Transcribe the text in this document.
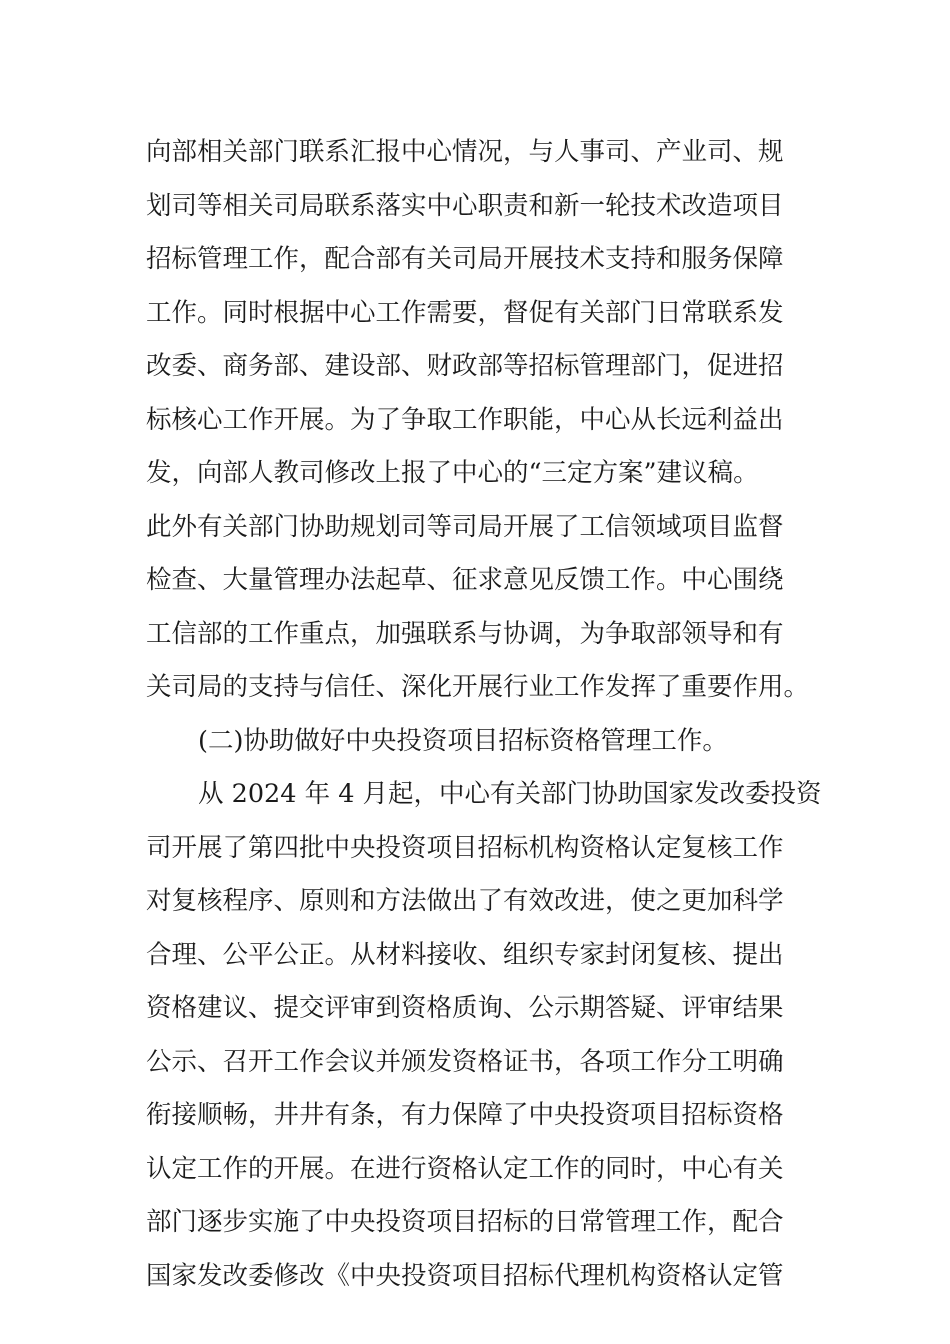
向部相关部门联系汇报中心情况，与人事司、产业司、规
划司等相关司局联系落实中心职责和新一轮技术改造项目
招标管理工作，配合部有关司局开展技术支持和服务保障
工作。同时根据中心工作需要，督促有关部门日常联系发
改委、商务部、建设部、财政部等招标管理部门，促进招
标核心工作开展。为了争取工作职能，中心从长远利益出
发，向部人教司修改上报了中心的“三定方案”建议稿。
此外有关部门协助规划司等司局开展了工信领域项目监督
检查、大量管理办法起草、征求意见反馈工作。中心围绕
工信部的工作重点，加强联系与协调，为争取部领导和有
关司局的支持与信任、深化开展行业工作发挥了重要作用。
(二)协助做好中央投资项目招标资格管理工作。
从 2024 年 4 月起，中心有关部门协助国家发改委投资
司开展了第四批中央投资项目招标机构资格认定复核工作
对复核程序、原则和方法做出了有效改进，使之更加科学
合理、公平公正。从材料接收、组织专家封闭复核、提出
资格建议、提交评审到资格质询、公示期答疑、评审结果
公示、召开工作会议并颁发资格证书，各项工作分工明确
衔接顺畅，井井有条，有力保障了中央投资项目招标资格
认定工作的开展。在进行资格认定工作的同时，中心有关
部门逐步实施了中央投资项目招标的日常管理工作，配合
国家发改委修改《中央投资项目招标代理机构资格认定管
